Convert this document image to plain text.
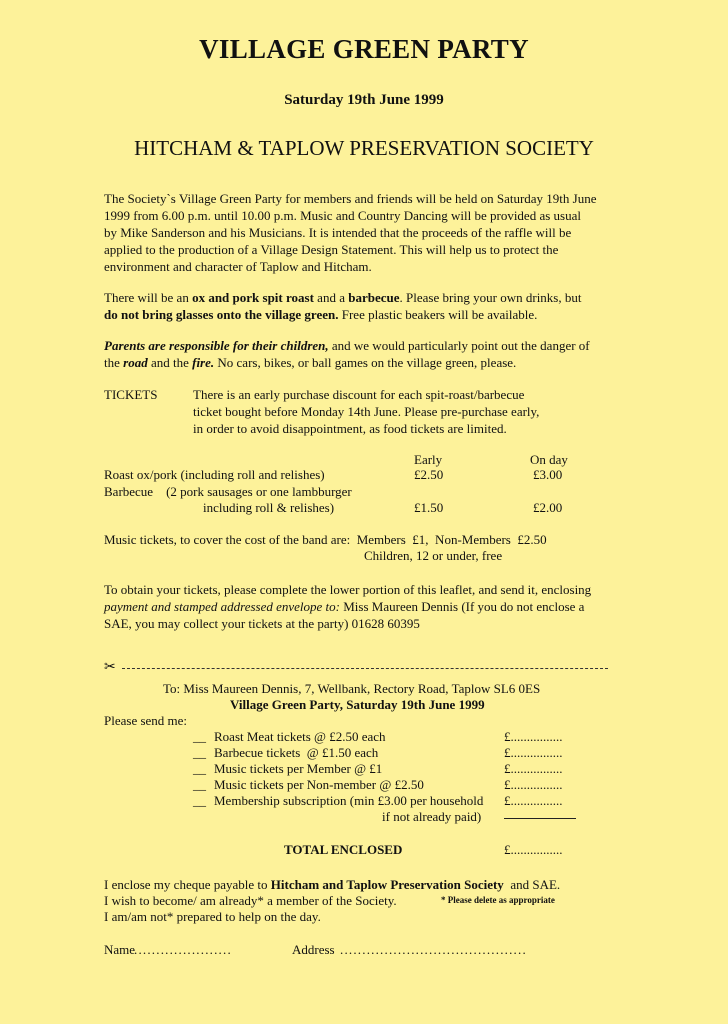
VILLAGE GREEN PARTY
Saturday 19th June 1999
HITCHAM & TAPLOW PRESERVATION SOCIETY
The Society`s Village Green Party for members and friends will be held on Saturday 19th June
1999 from 6.00 p.m. until 10.00 p.m. Music and Country Dancing will be provided as usual
by Mike Sanderson and his Musicians. It is intended that the proceeds of the raffle will be
applied to the production of a Village Design Statement. This will help us to protect the
environment and character of Taplow and Hitcham.
There will be an ox and pork spit roast and a barbecue. Please bring your own drinks, but
do not bring glasses onto the village green. Free plastic beakers will be available.
Parents are responsible for their children, and we would particularly point out the danger of
the road and the fire. No cars, bikes, or ball games on the village green, please.
TICKETS	There is an early purchase discount for each spit-roast/barbecue
ticket bought before Monday 14th June. Please pre-purchase early,
in order to avoid disappointment, as food tickets are limited.
Early	On day
Roast ox/pork (including roll and relishes)	£2.50	£3.00
Barbecue    (2 pork sausages or one lambburger
including roll & relishes)	£1.50	£2.00
Music tickets, to cover the cost of the band are:  Members  £1,  Non-Members  £2.50
Children, 12 or under, free
To obtain your tickets, please complete the lower portion of this leaflet, and send it, enclosing
payment and stamped addressed envelope to: Miss Maureen Dennis (If you do not enclose a
SAE, you may collect your tickets at the party) 01628 60395
✂
To: Miss Maureen Dennis, 7, Wellbank, Rectory Road, Taplow SL6 0ES
Village Green Party, Saturday 19th June 1999
Please send me:
__ Roast Meat tickets @ £2.50 each	£................
__ Barbecue tickets  @ £1.50 each	£................
__ Music tickets per Member @ £1	£................
__ Music tickets per Non-member @ £2.50	£................
__ Membership subscription (min £3.00 per household £................
if not already paid)
TOTAL ENCLOSED	£................
I enclose my cheque payable to Hitcham and Taplow Preservation Society  and SAE.
I wish to become/ am already* a member of the Society.	* Please delete as appropriate
I am/am not* prepared to help on the day.
Name
......................	Address ..........................................
